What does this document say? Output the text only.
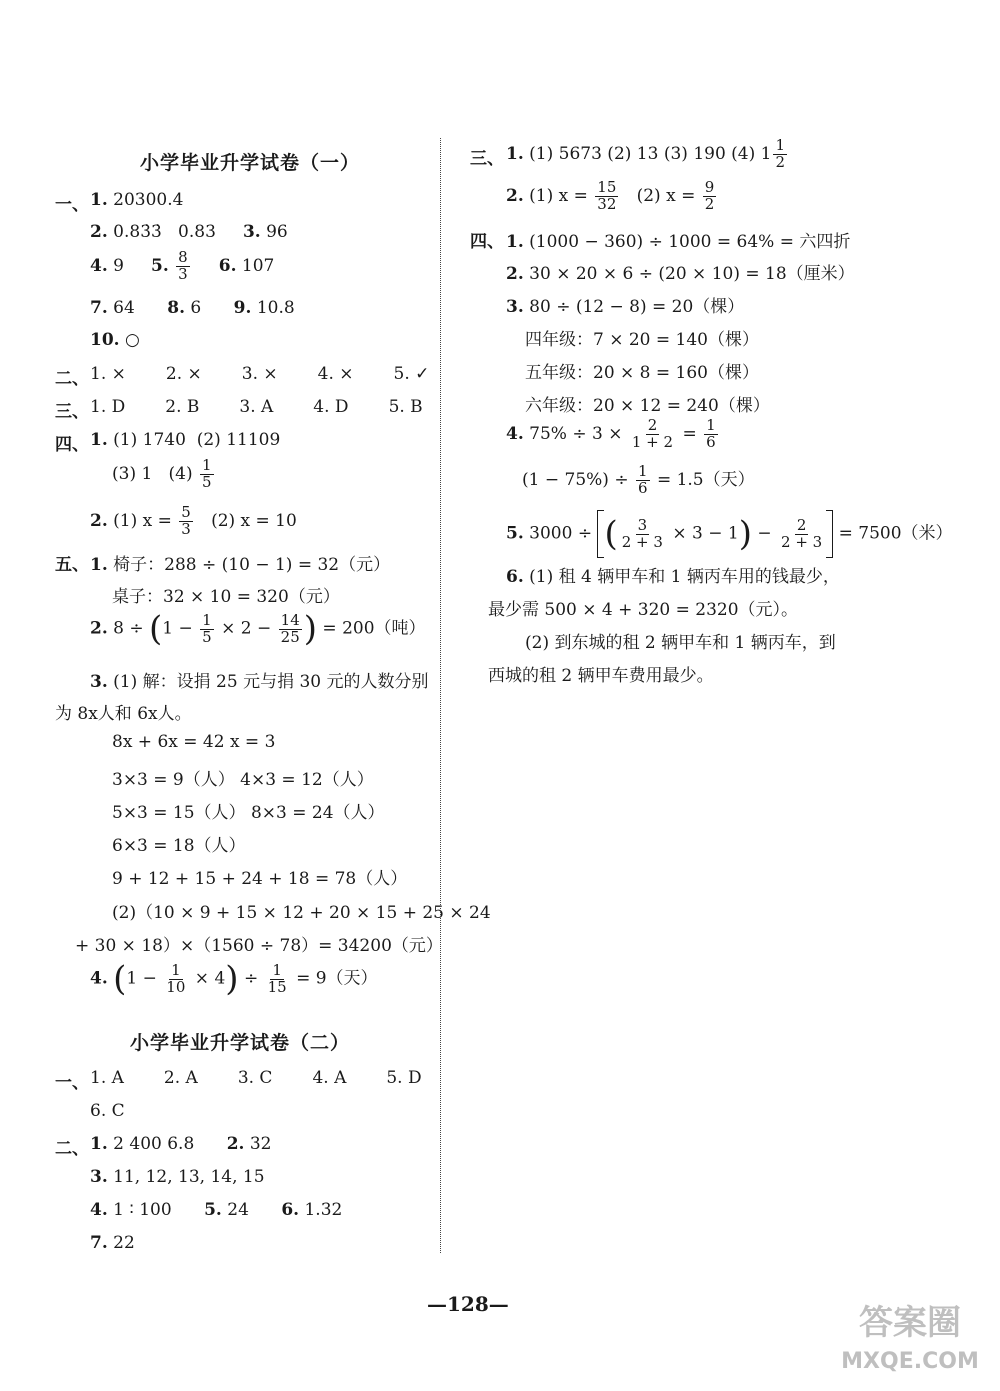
小学毕业升学试卷（一）
一、 1. 20300.4
2. 0.83̇3̇ 0.83 3. 96
4. 9 5. $\frac{8}{3} 6$. 107
7. 64 8. 6 9. 10.8
10. ○
二、 1. × 2. × 3. × 4. × 5. ✓
三、 1. D 2. B 3. A 4. D 5. B
四、 1. (1) 1740 (2) 11109
(3) 1 $(4) \frac{1}{5}$
2. (1) $x = \frac{5}{3} (2) x = 10$
五、 1. 椅子：288 ÷ (10 − 1) = 32（元）
桌子：32 × 10 = 320（元）
2. $8 \div (1 - \frac{1}{5} \times 2 - \frac{14}{25}$ ) = 200（吨）
3. (1) 解：设捐 25 元与捐 30 元的人数分别
为 8x人和 6x人。
8x + 6x = 42 x = 3
3×3 = 9（人） 4×3 = 12（人）
5×3 = 15（人） 8×3 = 24（人）
6×3 = 18（人）
9 + 12 + 15 + 24 + 18 = 78（人）
(2)（10 × 9 + 15 × 12 + 20 × 15 + 25 × 24
+ 30 × 18）×（1560 ÷ 78）= 34200（元）
4. $(1 - \frac{1}{10} \times 4) \div \frac{1}{15} = 9$（天）
小学毕业升学试卷（二）
一、 1. A 2. A 3. C 4. A 5. D
6. C
二、 1. 2 400 6.8 2. 32
3. 11, 12, 13, 14, 15
4. 1 ∶ 100 5. 24 6. 1.32
7. 22
三、 1. (1) 5673 (2) 13 (3) 190 (4) $1 \frac{1}{2}$
2. (1) $x = \frac{15}{32} (2) x = \frac{9}{2}$
四、 1. (1000 − 360) ÷ 1000 = 64% = 六四折
2. 30 × 20 × 6 ÷ (20 × 10) = 18（厘米）
3. 80 ÷ (12 − 8) = 20（棵）
四年级：7 × 20 = 140（棵）
五年级：20 × 8 = 160（棵）
六年级：20 × 12 = 240（棵）
4. $75\% \div 3 \times \frac{2}{1 + 2} = \frac{1}{6}$
$(1 - 75\%) \div \frac{1}{6} = 1.5$（天）
5. 3000 ÷ ( $\frac{3}{2 + 3} \times 3 - 1) - \frac{2}{2 + 3} = 7500$（米）
6. (1) 租 4 辆甲车和 1 辆丙车用的钱最少，
最少需 500 × 4 + 320 = 2320（元）。
(2) 到东城的租 2 辆甲车和 1 辆丙车，到
西城的租 2 辆甲车费用最少。
—128—	答案圈
MXQE.COM
